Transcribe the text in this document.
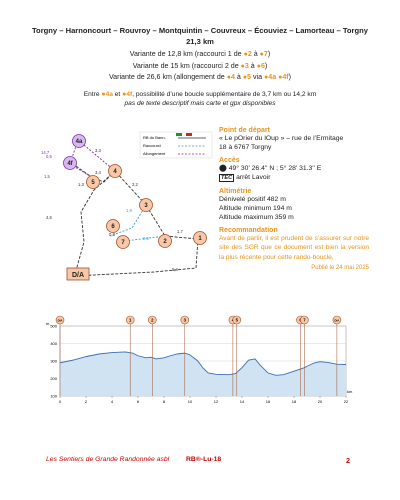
Torgny – Harnoncourt – Rouvroy – Montquintin – Couvreux – Écouviez – Lamorteau – Torgny
21,3 km
Variante de 12,8 km (raccourci 1 de ●2 à ●7)
Variante de 15 km (raccourci 2 de ●3 à ●6)
Variante de 26,6 km (allongement de ●4 à ●5 via ●4a ●4f)
Entre ●4a et ●4f, possibilité d’une boucle supplémentaire de 3,7 km ou 14,2 km
pas de texte descriptif mais carte et gpx disponibles
RB du Bann.
Raccourci
Allongement
3,3
14,7
0,5
1,5
3,4
3,2
1,9
4,6
0,3
2,5
1,7
5,4
1,3
4a
4f
4
5
3
6
7	2	1
D/A
Point de départ
« Le pOrier du lOup » – rue de l’Ermitage
18 à 6767 Torgny
Accès
⬤ 49° 30' 26.4'' N ; 5° 28' 31.3'' E
TEC arrêt Lavoir
Altimétrie
Dénivelé positif 482 m
Altitude minimum 194 m
Altitude maximum 359 m
Recommandation
Avant de partir, il est prudent de s’assurer sur notre site des SGR que ce document est bien la version la plus récente pour cette rando-boucle.
Publié le 24 mai 2025
100
200
300
400
500
m
0	2	4	6	8	10	12	14	16	18	20	22
km
D/A	1	2	3	5	7	D/A
Les Sentiers de Grande Randonnée asbl RB®-Lu-18	2
